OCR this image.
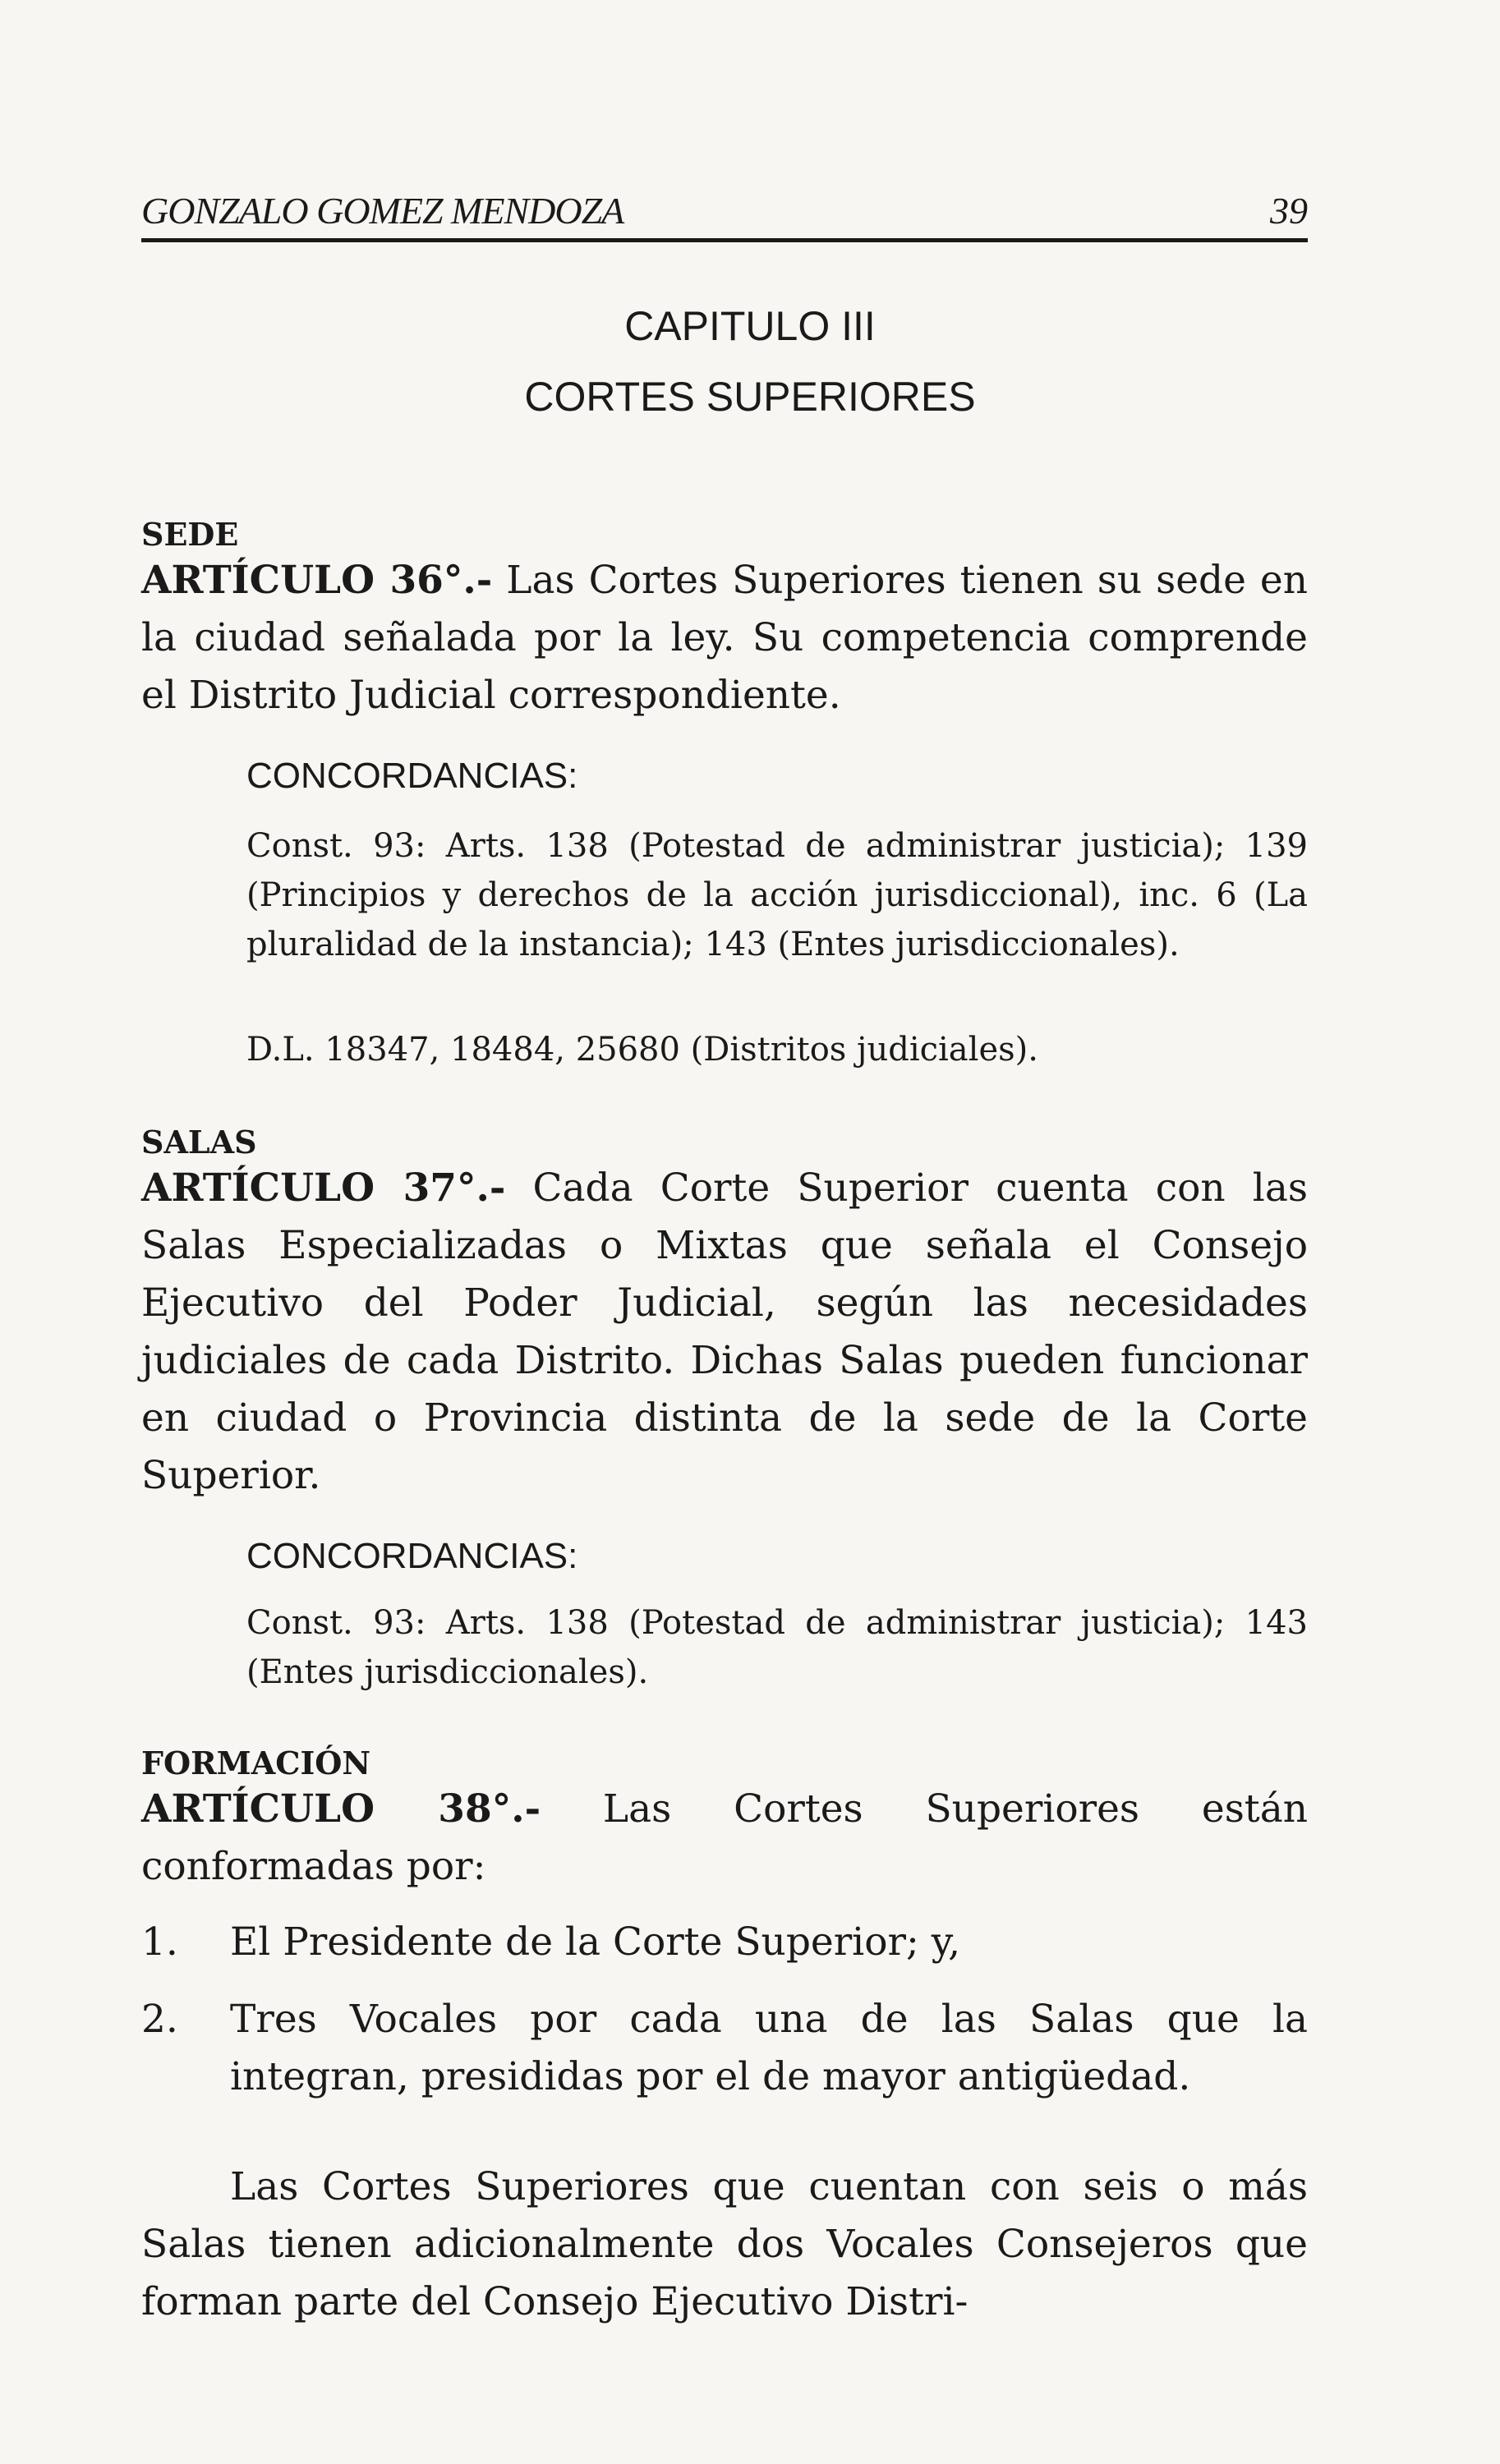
GONZALO GOMEZ MENDOZA	39
CAPITULO III
CORTES SUPERIORES
SEDE
ARTÍCULO 36°.- Las Cortes Superiores tienen su sede en la ciudad señalada por la ley. Su competencia comprende el Distrito Judicial correspondiente.
CONCORDANCIAS:
Const. 93: Arts. 138 (Potestad de administrar justicia); 139 (Principios y derechos de la acción jurisdiccional), inc. 6 (La pluralidad de la instancia); 143 (Entes jurisdiccionales).
D.L. 18347, 18484, 25680 (Distritos judiciales).
SALAS
ARTÍCULO 37°.- Cada Corte Superior cuenta con las Salas Especializadas o Mixtas que señala el Consejo Ejecutivo del Poder Judicial, según las necesidades judiciales de cada Distrito. Dichas Salas pueden funcionar en ciudad o Provincia distinta de la sede de la Corte Superior.
CONCORDANCIAS:
Const. 93: Arts. 138 (Potestad de administrar justicia); 143 (Entes jurisdiccionales).
FORMACIÓN
ARTÍCULO 38°.- Las Cortes Superiores están conformadas por:
1. El Presidente de la Corte Superior; y,
2. Tres Vocales por cada una de las Salas que la integran, presididas por el de mayor antigüedad.
Las Cortes Superiores que cuentan con seis o más Salas tienen adicionalmente dos Vocales Consejeros que forman parte del Consejo Ejecutivo Distri-
